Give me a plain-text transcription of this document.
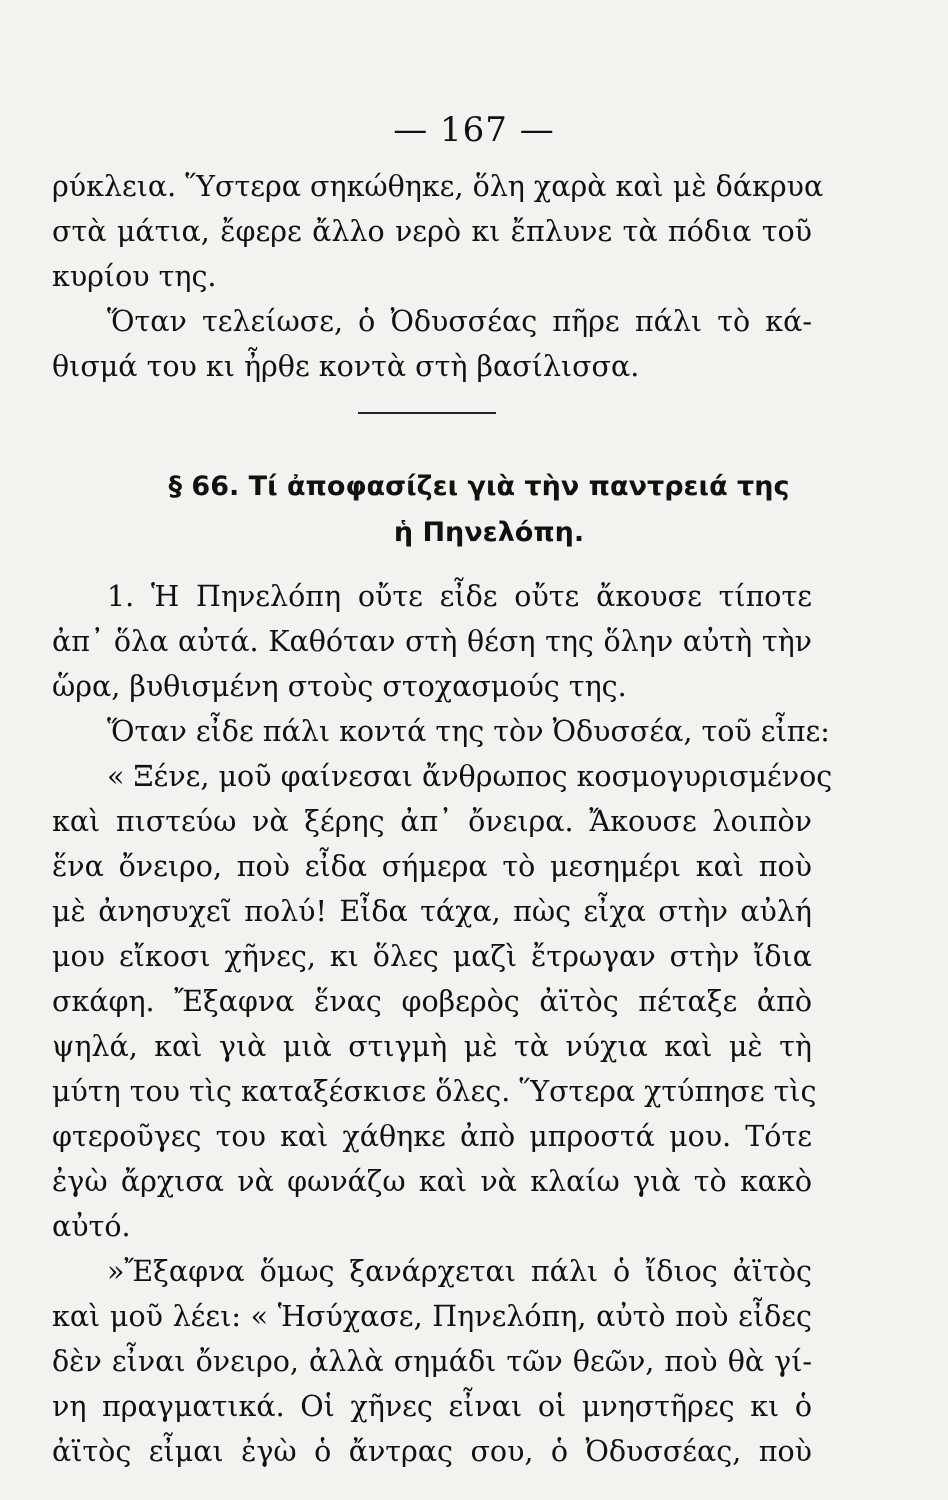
— 167 —
ρύκλεια. Ὕστερα σηκώθηκε, ὅλη χαρὰ καὶ μὲ δάκρυα
στὰ μάτια, ἔφερε ἄλλο νερὸ κι ἔπλυνε τὰ πόδια τοῦ
κυρίου της.
Ὅταν τελείωσε, ὁ Ὀδυσσέας πῆρε πάλι τὸ κά-
θισμά του κι ἦρθε κοντὰ στὴ βασίλισσα.
§ 66. Τί ἀποφασίζει γιὰ τὴν παντρειά της
ἡ Πηνελόπη.
1. Ἡ Πηνελόπη οὔτε εἶδε οὔτε ἄκουσε τίποτε
ἀπ᾿ ὅλα αὐτά. Καθόταν στὴ θέση της ὅλην αὐτὴ τὴν
ὥρα, βυθισμένη στοὺς στοχασμούς της.
Ὅταν εἶδε πάλι κοντά της τὸν Ὀδυσσέα, τοῦ εἶπε:
« Ξένε, μοῦ φαίνεσαι ἄνθρωπος κοσμογυρισμένος
καὶ πιστεύω νὰ ξέρης ἀπ᾿ ὄνειρα. Ἄκουσε λοιπὸν
ἕνα ὄνειρο, ποὺ εἶδα σήμερα τὸ μεσημέρι καὶ ποὺ
μὲ ἀνησυχεῖ πολύ! Εἶδα τάχα, πὼς εἶχα στὴν αὐλή
μου εἴκοσι χῆνες, κι ὅλες μαζὶ ἔτρωγαν στὴν ἴδια
σκάφη. Ἔξαφνα ἕνας φοβερὸς ἀϊτὸς πέταξε ἀπὸ
ψηλά, καὶ γιὰ μιὰ στιγμὴ μὲ τὰ νύχια καὶ μὲ τὴ
μύτη του τὶς καταξέσκισε ὅλες. Ὕστερα χτύπησε τὶς
φτεροῦγες του καὶ χάθηκε ἀπὸ μπροστά μου. Τότε
ἐγὼ ἄρχισα νὰ φωνάζω καὶ νὰ κλαίω γιὰ τὸ κακὸ
αὐτό.
»Ἔξαφνα ὅμως ξανάρχεται πάλι ὁ ἴδιος ἀϊτὸς
καὶ μοῦ λέει: « Ἡσύχασε, Πηνελόπη, αὐτὸ ποὺ εἶδες
δὲν εἶναι ὄνειρο, ἀλλὰ σημάδι τῶν θεῶν, ποὺ θὰ γί-
νη πραγματικά. Οἱ χῆνες εἶναι οἱ μνηστῆρες κι ὁ
ἀϊτὸς εἶμαι ἐγὼ ὁ ἄντρας σου, ὁ Ὀδυσσέας, ποὺ
